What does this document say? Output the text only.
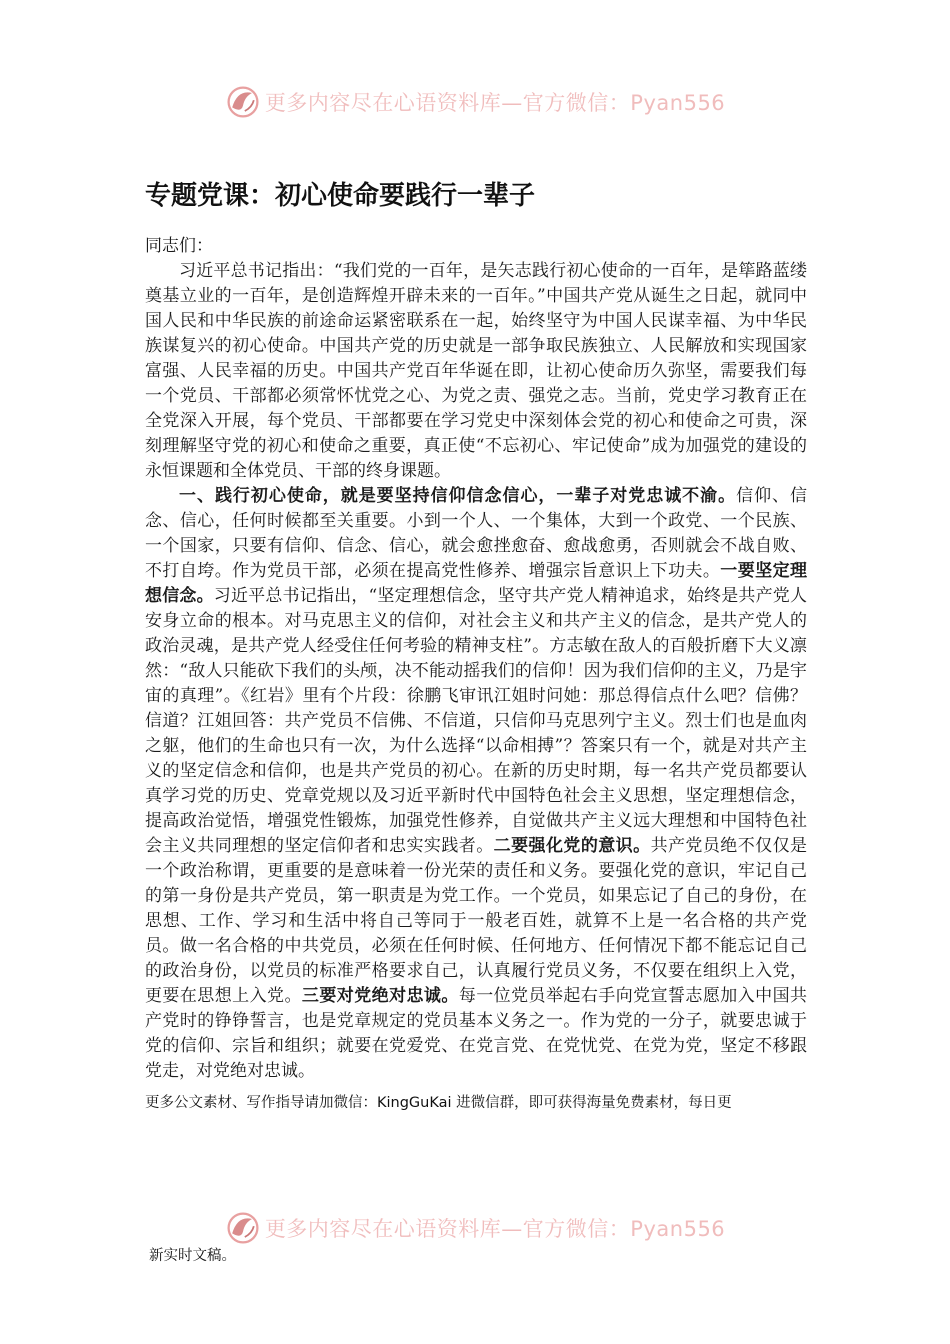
更多内容尽在心语资料库—官方微信：Pyan556
专题党课：初心使命要践行一辈子

同志们：

习近平总书记指出：“我们党的一百年，是矢志践行初心使命的一百年，是筚路蓝缕奠基立业的一百年，是创造辉煌开辟未来的一百年。”中国共产党从诞生之日起，就同中国人民和中华民族的前途命运紧密联系在一起，始终坚守为中国人民谋幸福、为中华民族谋复兴的初心使命。中国共产党的历史就是一部争取民族独立、人民解放和实现国家富强、人民幸福的历史。中国共产党百年华诞在即，让初心使命历久弥坚，需要我们每一个党员、干部都必须常怀忧党之心、为党之责、强党之志。当前，党史学习教育正在全党深入开展，每个党员、干部都要在学习党史中深刻体会党的初心和使命之可贵，深刻理解坚守党的初心和使命之重要，真正使“不忘初心、牢记使命”成为加强党的建设的永恒课题和全体党员、干部的终身课题。

一、践行初心使命，就是要坚持信仰信念信心，一辈子对党忠诚不渝。信仰、信念、信心，任何时候都至关重要。小到一个人、一个集体，大到一个政党、一个民族、一个国家，只要有信仰、信念、信心，就会愈挫愈奋、愈战愈勇，否则就会不战自败、不打自垮。作为党员干部，必须在提高党性修养、增强宗旨意识上下功夫。一要坚定理想信念。习近平总书记指出，“坚定理想信念，坚守共产党人精神追求，始终是共产党人安身立命的根本。对马克思主义的信仰，对社会主义和共产主义的信念，是共产党人的政治灵魂，是共产党人经受住任何考验的精神支柱”。方志敏在敌人的百般折磨下大义凛然：“敌人只能砍下我们的头颅，决不能动摇我们的信仰！因为我们信仰的主义，乃是宇宙的真理”。《红岩》里有个片段：徐鹏飞审讯江姐时问她：那总得信点什么吧？信佛？信道？江姐回答：共产党员不信佛、不信道，只信仰马克思列宁主义。烈士们也是血肉之躯，他们的生命也只有一次，为什么选择“以命相搏”？答案只有一个，就是对共产主义的坚定信念和信仰，也是共产党员的初心。在新的历史时期，每一名共产党员都要认真学习党的历史、党章党规以及习近平新时代中国特色社会主义思想，坚定理想信念，提高政治觉悟，增强党性锻炼，加强党性修养，自觉做共产主义远大理想和中国特色社会主义共同理想的坚定信仰者和忠实实践者。二要强化党的意识。共产党员绝不仅仅是一个政治称谓，更重要的是意味着一份光荣的责任和义务。要强化党的意识，牢记自己的第一身份是共产党员，第一职责是为党工作。一个党员，如果忘记了自己的身份，在思想、工作、学习和生活中将自己等同于一般老百姓，就算不上是一名合格的共产党员。做一名合格的中共党员，必须在任何时候、任何地方、任何情况下都不能忘记自己的政治身份，以党员的标准严格要求自己，认真履行党员义务，不仅要在组织上入党，更要在思想上入党。三要对党绝对忠诚。每一位党员举起右手向党宣誓志愿加入中国共产党时的铮铮誓言，也是党章规定的党员基本义务之一。作为党的一分子，就要忠诚于党的信仰、宗旨和组织；就要在党爱党、在党言党、在党忧党、在党为党，坚定不移跟党走，对党绝对忠诚。

更多公文素材、写作指导请加微信：KingGuKai 进微信群，即可获得海量免费素材，每日更

更多内容尽在心语资料库—官方微信：Pyan556
新实时文稿。
